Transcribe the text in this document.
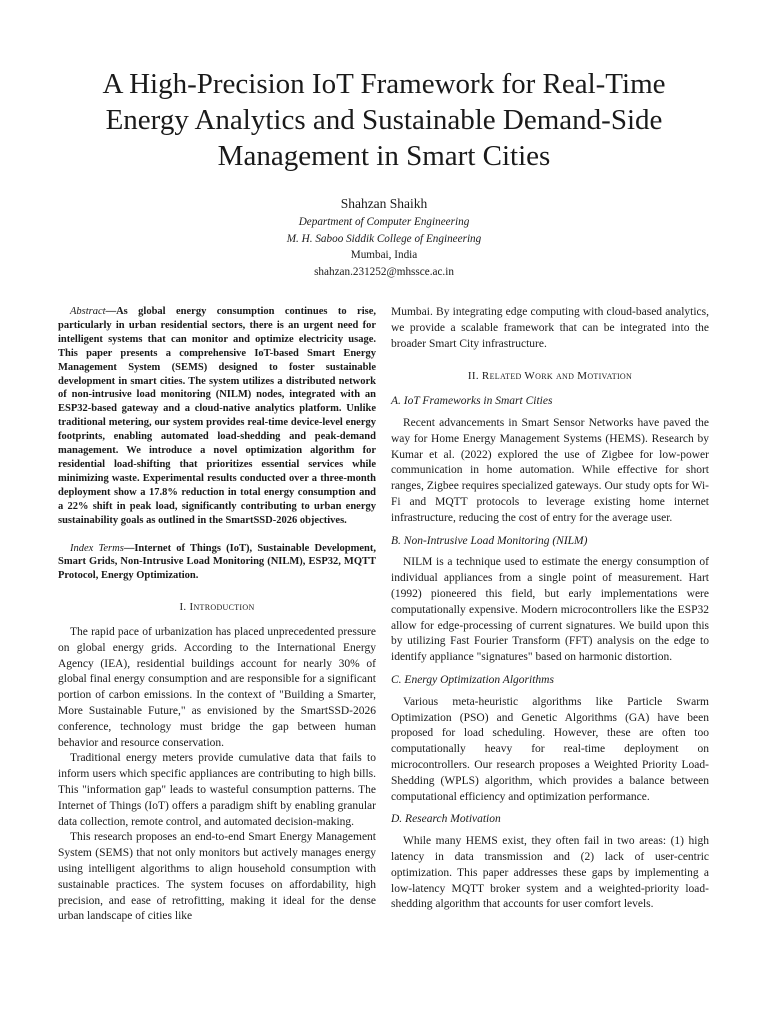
A High-Precision IoT Framework for Real-Time Energy Analytics and Sustainable Demand-Side Management in Smart Cities
Shahzan Shaikh
Department of Computer Engineering
M. H. Saboo Siddik College of Engineering
Mumbai, India
shahzan.231252@mhssce.ac.in

Abstract—As global energy consumption continues to rise, particularly in urban residential sectors, there is an urgent need for intelligent systems that can monitor and optimize electricity usage. This paper presents a comprehensive IoT-based Smart Energy Management System (SEMS) designed to foster sustainable development in smart cities. The system utilizes a distributed network of non-intrusive load monitoring (NILM) nodes, integrated with an ESP32-based gateway and a cloud-native analytics platform. Unlike traditional metering, our system provides real-time device-level energy footprints, enabling automated load-shedding and peak-demand management. We introduce a novel optimization algorithm for residential load-shifting that prioritizes essential services while minimizing waste. Experimental results conducted over a three-month deployment show a 17.8% reduction in total energy consumption and a 22% shift in peak load, significantly contributing to urban energy sustainability goals as outlined in the SmartSSD-2026 objectives.

Index Terms—Internet of Things (IoT), Sustainable Development, Smart Grids, Non-Intrusive Load Monitoring (NILM), ESP32, MQTT Protocol, Energy Optimization.

I. Introduction

The rapid pace of urbanization has placed unprecedented pressure on global energy grids. According to the International Energy Agency (IEA), residential buildings account for nearly 30% of global final energy consumption and are responsible for a significant portion of carbon emissions. In the context of "Building a Smarter, More Sustainable Future," as envisioned by the SmartSSD-2026 conference, technology must bridge the gap between human behavior and resource conservation.

Traditional energy meters provide cumulative data that fails to inform users which specific appliances are contributing to high bills. This "information gap" leads to wasteful consumption patterns. The Internet of Things (IoT) offers a paradigm shift by enabling granular data collection, remote control, and automated decision-making.

This research proposes an end-to-end Smart Energy Management System (SEMS) that not only monitors but actively manages energy using intelligent algorithms to align household consumption with sustainable practices. The system focuses on affordability, high precision, and ease of retrofitting, making it ideal for the dense urban landscape of cities like

Mumbai. By integrating edge computing with cloud-based analytics, we provide a scalable framework that can be integrated into the broader Smart City infrastructure.

II. Related Work and Motivation
A. IoT Frameworks in Smart Cities

Recent advancements in Smart Sensor Networks have paved the way for Home Energy Management Systems (HEMS). Research by Kumar et al. (2022) explored the use of Zigbee for low-power communication in home automation. While effective for short ranges, Zigbee requires specialized gateways. Our study opts for Wi-Fi and MQTT protocols to leverage existing home internet infrastructure, reducing the cost of entry for the average user.

B. Non-Intrusive Load Monitoring (NILM)

NILM is a technique used to estimate the energy consumption of individual appliances from a single point of measurement. Hart (1992) pioneered this field, but early implementations were computationally expensive. Modern microcontrollers like the ESP32 allow for edge-processing of current signatures. We build upon this by utilizing Fast Fourier Transform (FFT) analysis on the edge to identify appliance "signatures" based on harmonic distortion.

C. Energy Optimization Algorithms

Various meta-heuristic algorithms like Particle Swarm Optimization (PSO) and Genetic Algorithms (GA) have been proposed for load scheduling. However, these are often too computationally heavy for real-time deployment on microcontrollers. Our research proposes a Weighted Priority Load-Shedding (WPLS) algorithm, which provides a balance between computational efficiency and optimization performance.

D. Research Motivation

While many HEMS exist, they often fail in two areas: (1) high latency in data transmission and (2) lack of user-centric optimization. This paper addresses these gaps by implementing a low-latency MQTT broker system and a weighted-priority load-shedding algorithm that accounts for user comfort levels.
